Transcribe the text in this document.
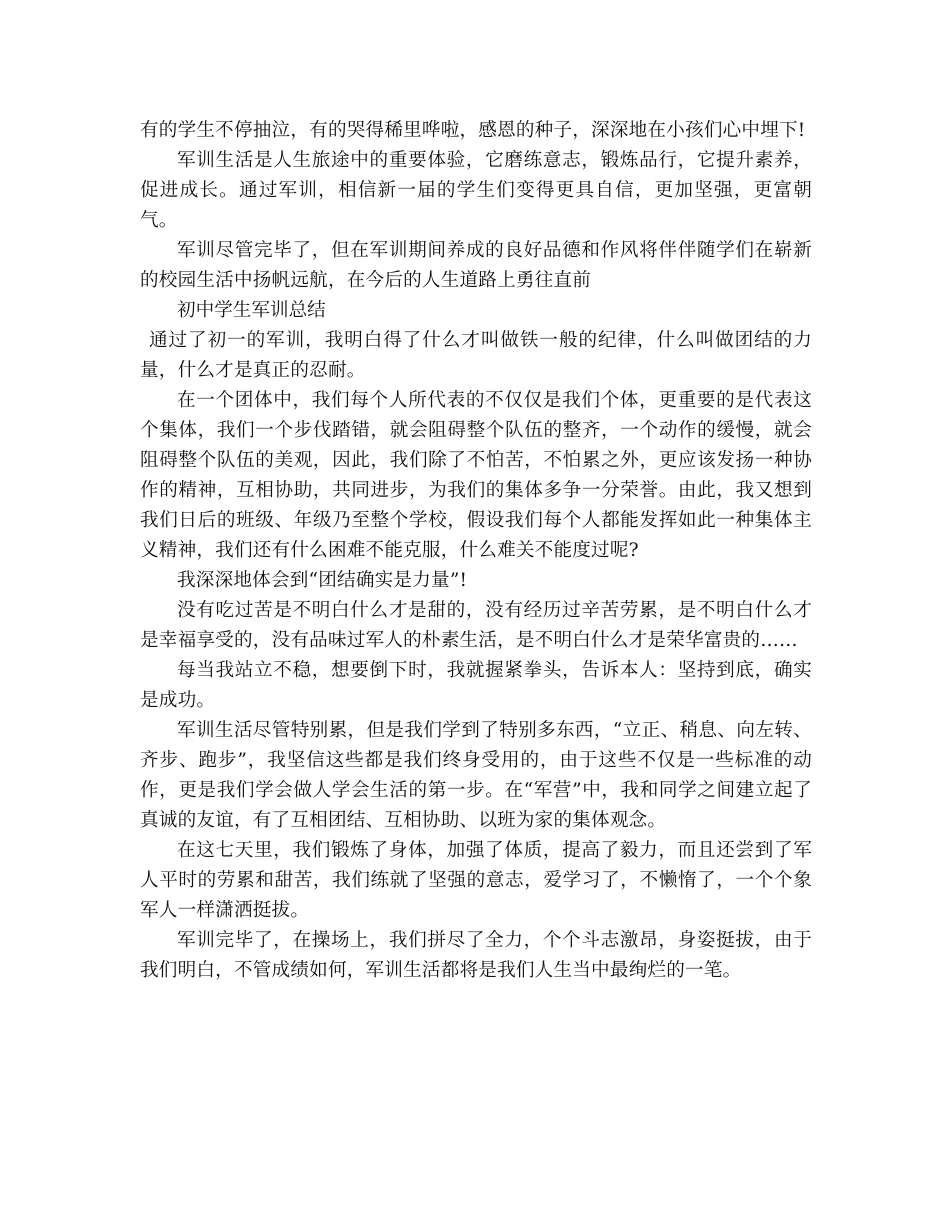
有的学生不停抽泣，有的哭得稀里哗啦，感恩的种子，深深地在小孩们心中埋下!

军训生活是人生旅途中的重要体验，它磨练意志，锻炼品行，它提升素养，促进成长。通过军训，相信新一届的学生们变得更具自信，更加坚强，更富朝气。

军训尽管完毕了，但在军训期间养成的良好品德和作风将伴伴随学们在崭新的校园生活中扬帆远航，在今后的人生道路上勇往直前

初中学生军训总结

通过了初一的军训，我明白得了什么才叫做铁一般的纪律，什么叫做团结的力量，什么才是真正的忍耐。

在一个团体中，我们每个人所代表的不仅仅是我们个体，更重要的是代表这个集体，我们一个步伐踏错，就会阻碍整个队伍的整齐，一个动作的缓慢，就会阻碍整个队伍的美观，因此，我们除了不怕苦，不怕累之外，更应该发扬一种协作的精神，互相协助，共同进步，为我们的集体多争一分荣誉。由此，我又想到我们日后的班级、年级乃至整个学校，假设我们每个人都能发挥如此一种集体主义精神，我们还有什么困难不能克服，什么难关不能度过呢?

我深深地体会到“团结确实是力量”!

没有吃过苦是不明白什么才是甜的，没有经历过辛苦劳累，是不明白什么才是幸福享受的，没有品味过军人的朴素生活，是不明白什么才是荣华富贵的……

每当我站立不稳，想要倒下时，我就握紧拳头，告诉本人：坚持到底，确实是成功。

军训生活尽管特别累，但是我们学到了特别多东西，“立正、稍息、向左转、齐步、跑步”，我坚信这些都是我们终身受用的，由于这些不仅是一些标准的动作，更是我们学会做人学会生活的第一步。在“军营”中，我和同学之间建立起了真诚的友谊，有了互相团结、互相协助、以班为家的集体观念。

在这七天里，我们锻炼了身体，加强了体质，提高了毅力，而且还尝到了军人平时的劳累和甜苦，我们练就了坚强的意志，爱学习了，不懒惰了，一个个象军人一样潇洒挺拔。

军训完毕了，在操场上，我们拼尽了全力，个个斗志激昂，身姿挺拔，由于我们明白，不管成绩如何，军训生活都将是我们人生当中最绚烂的一笔。
